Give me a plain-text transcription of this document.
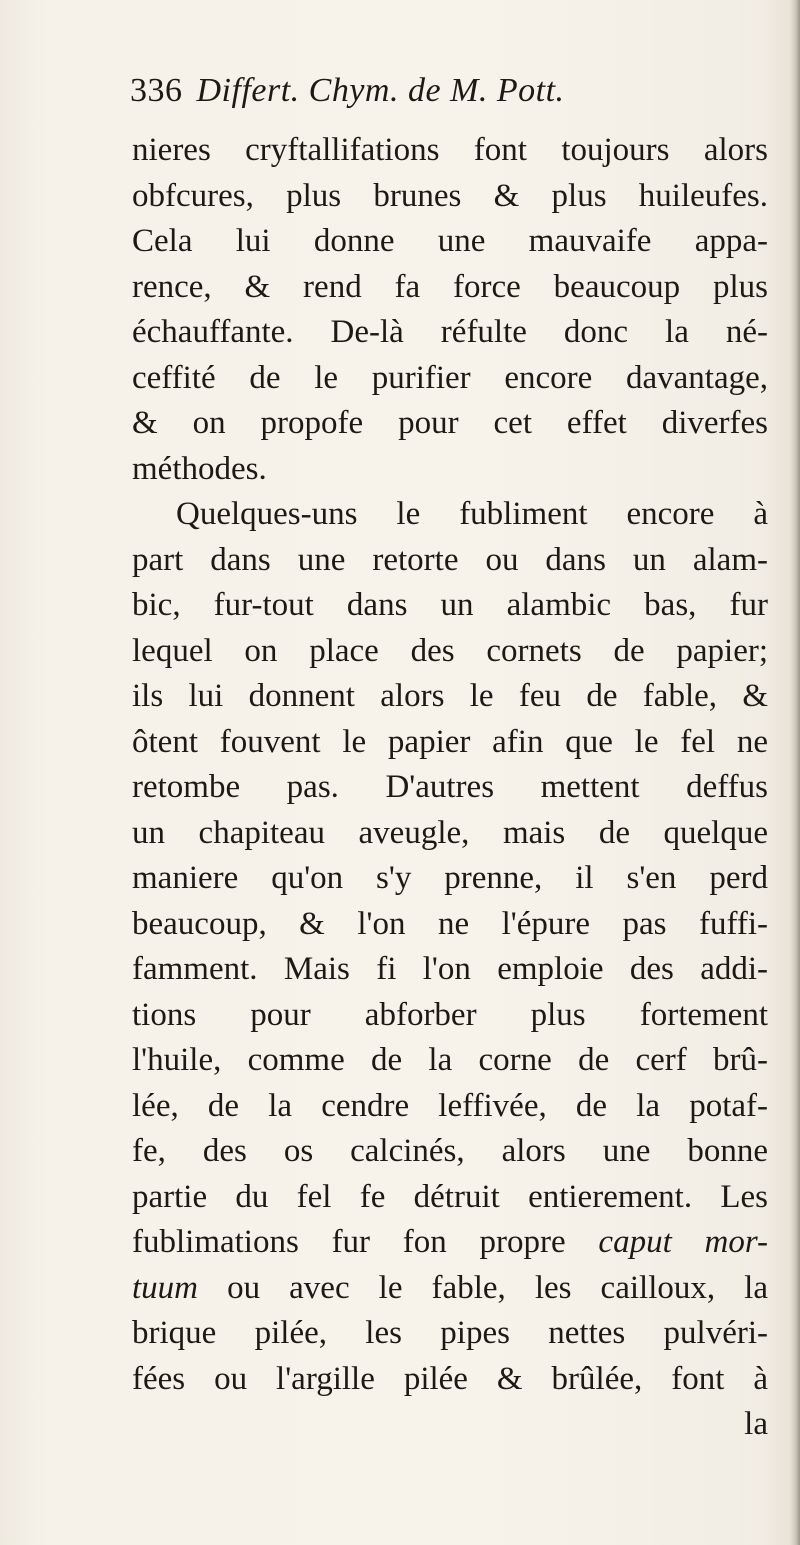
336 Differt. Chym. de M. Pott.
nieres cryftallifations font toujours alors
obfcures, plus brunes & plus huileufes.
Cela lui donne une mauvaife appa-
rence, & rend fa force beaucoup plus
échauffante. De-là réfulte donc la né-
ceffité de le purifier encore davantage,
& on propofe pour cet effet diverfes
méthodes.
Quelques-uns le fubliment encore à
part dans une retorte ou dans un alam-
bic, fur-tout dans un alambic bas, fur
lequel on place des cornets de papier;
ils lui donnent alors le feu de fable, &
ôtent fouvent le papier afin que le fel ne
retombe pas. D'autres mettent deffus
un chapiteau aveugle, mais de quelque
maniere qu'on s'y prenne, il s'en perd
beaucoup, & l'on ne l'épure pas fuffi-
famment. Mais fi l'on emploie des addi-
tions pour abforber plus fortement
l'huile, comme de la corne de cerf brû-
lée, de la cendre leffivée, de la potaf-
fe, des os calcinés, alors une bonne
partie du fel fe détruit entierement. Les
fublimations fur fon propre caput mor-
tuum ou avec le fable, les cailloux, la
brique pilée, les pipes nettes pulvéri-
fées ou l'argille pilée & brûlée, font à
la
